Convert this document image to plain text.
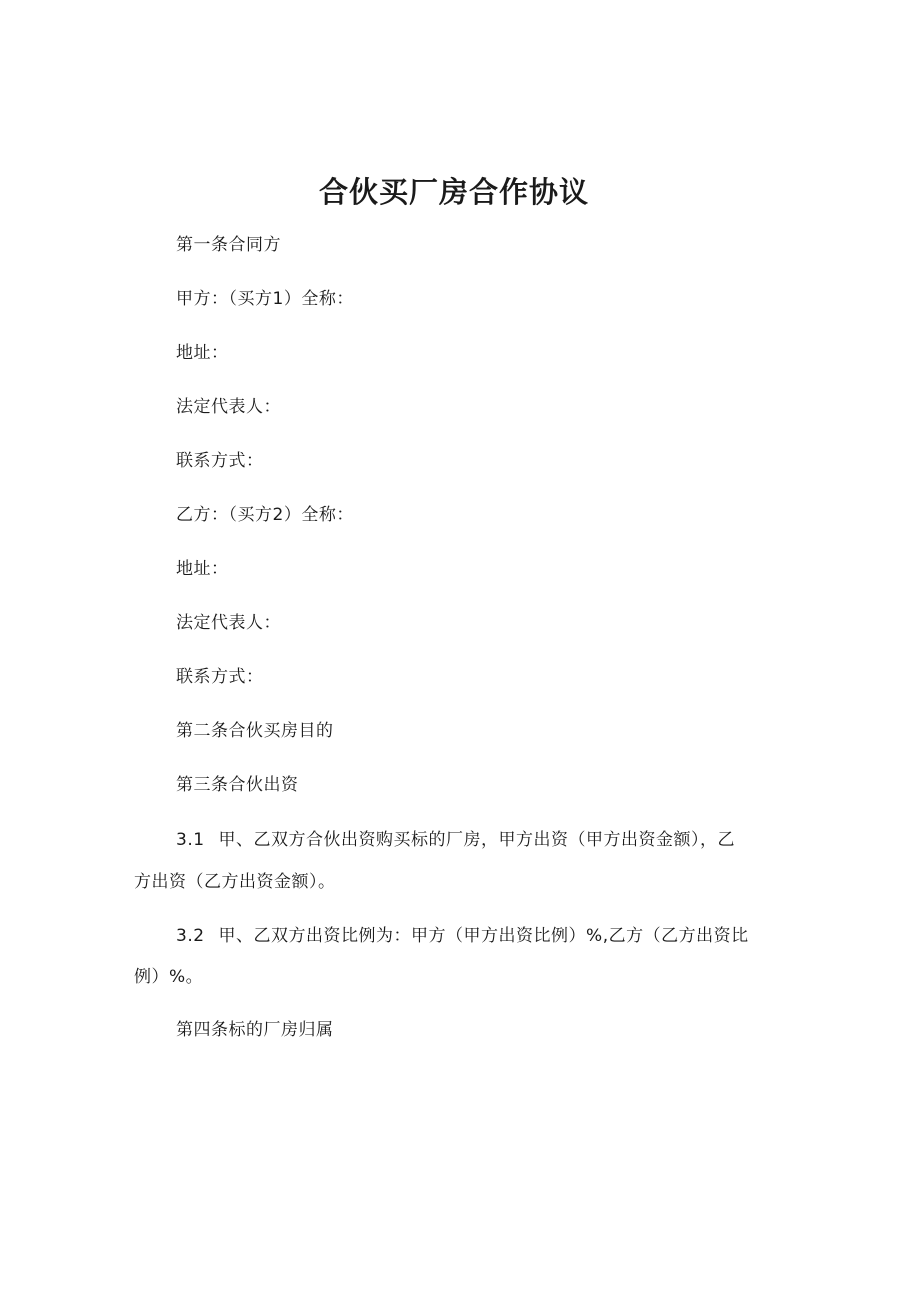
合伙买厂房合作协议
第一条合同方
甲方：（买方1）全称：
地址：
法定代表人：
联系方式：
乙方：（买方2）全称：
地址：
法定代表人：
联系方式：
第二条合伙买房目的
第三条合伙出资
3.1 甲、乙双方合伙出资购买标的厂房，甲方出资（甲方出资金额），乙
方出资（乙方出资金额）。
3.2 甲、乙双方出资比例为：甲方（甲方出资比例）%,乙方（乙方出资比
例）%。
第四条标的厂房归属
